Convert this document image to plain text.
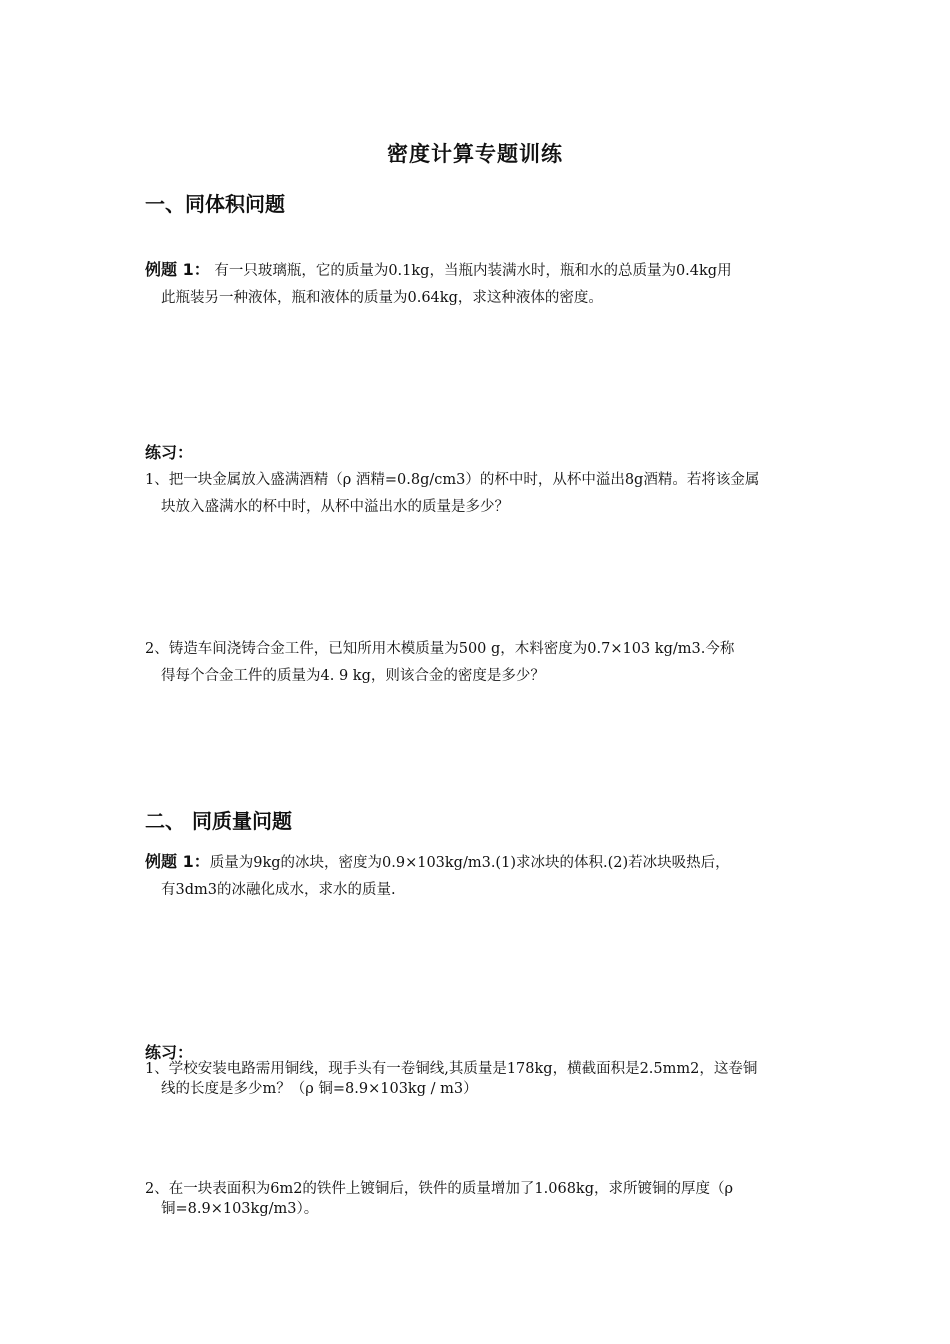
密度计算专题训练
一、同体积问题
例题 1： 有一只玻璃瓶，它的质量为0.1kg，当瓶内装满水时，瓶和水的总质量为0.4kg用
此瓶装另一种液体，瓶和液体的质量为0.64kg，求这种液体的密度。
练习：
1、把一块金属放入盛满酒精（ρ 酒精=0.8g/cm3）的杯中时，从杯中溢出8g酒精。若将该金属
块放入盛满水的杯中时，从杯中溢出水的质量是多少？
2、铸造车间浇铸合金工件，已知所用木模质量为500 g，木料密度为0.7×103 kg/m3.今称
得每个合金工件的质量为4. 9 kg，则该合金的密度是多少？
二、 同质量问题
例题 1：质量为9kg的冰块，密度为0.9×103kg/m3.(1)求冰块的体积.(2)若冰块吸热后，
有3dm3的冰融化成水，求水的质量.
练习：
1、学校安装电路需用铜线，现手头有一卷铜线,其质量是178kg，横截面积是2.5mm2，这卷铜
线的长度是多少m？（ρ 铜=8.9×103kg / m3）
2、在一块表面积为6m2的铁件上镀铜后，铁件的质量增加了1.068kg，求所镀铜的厚度（ρ
铜=8.9×103kg/m3）。
